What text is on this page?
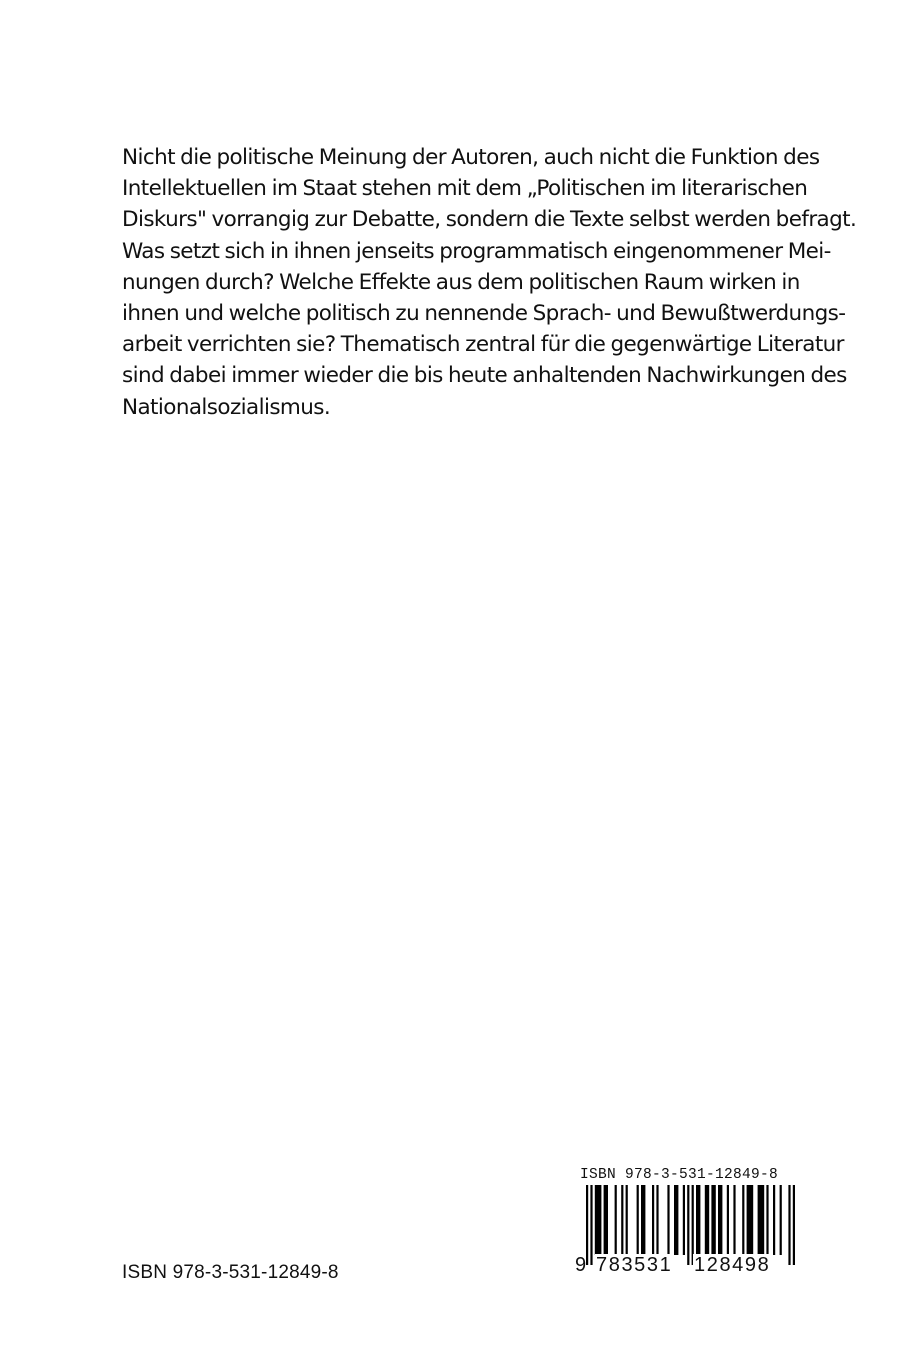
Nicht die politische Meinung der Autoren, auch nicht die Funktion des
Intellektuellen im Staat stehen mit dem „Politischen im literarischen
Diskurs" vorrangig zur Debatte, sondern die Texte selbst werden befragt.
Was setzt sich in ihnen jenseits programmatisch eingenommener Mei-
nungen durch? Welche Effekte aus dem politischen Raum wirken in
ihnen und welche politisch zu nennende Sprach- und Bewußtwerdungs-
arbeit verrichten sie? Thematisch zentral für die gegenwärtige Literatur
sind dabei immer wieder die bis heute anhaltenden Nachwirkungen des
Nationalsozialismus.
ISBN 978-3-531-12849-8
ISBN 978-3-531-12849-8
9 783531 128498
